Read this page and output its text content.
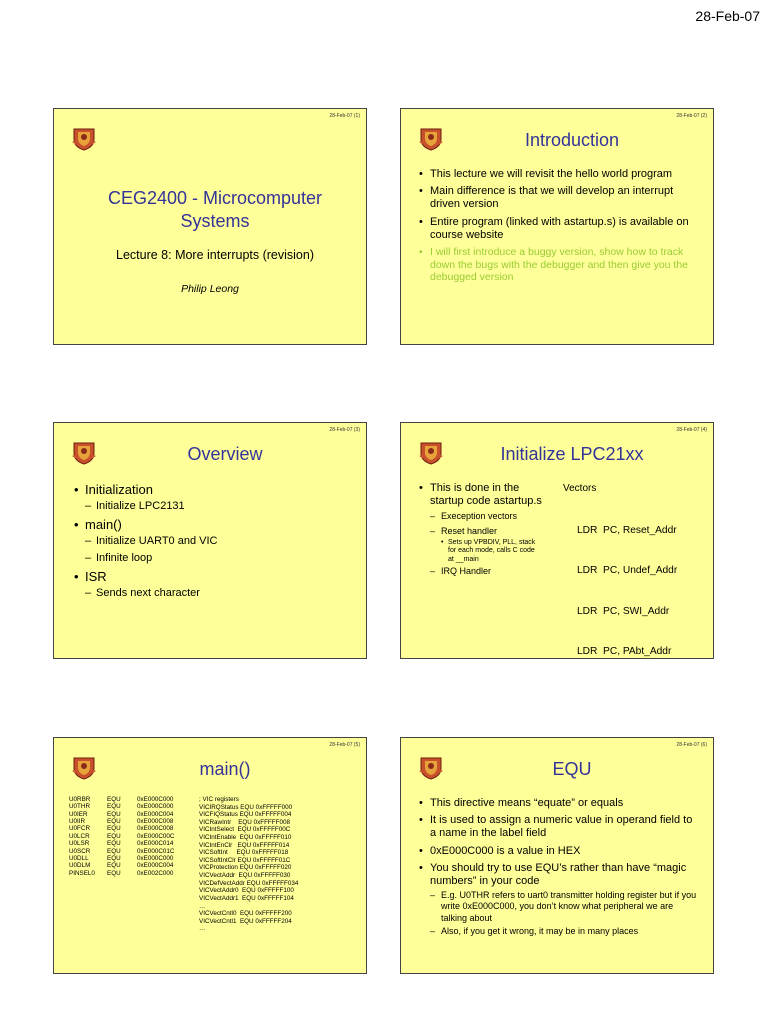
28-Feb-07
28-Feb-07 (1)
CEG2400 - Microcomputer Systems
Lecture 8: More interrupts (revision)
Philip Leong
28-Feb-07 (2)
Introduction
• This lecture we will revisit the hello world program
• Main difference is that we will develop an interrupt driven version
• Entire program (linked with astartup.s) is available on course website
• I will first introduce a buggy version, show how to track down the bugs with the debugger and then give you the debugged version
28-Feb-07 (3)
Overview
• Initialization
– Initialize LPC2131
• main()
– Initialize UART0 and VIC
– Infinite loop
• ISR
– Sends next character
28-Feb-07 (4)
Initialize LPC21xx
• This is done in the startup code astartup.s
– Exeception vectors
– Reset handler
• Sets up VPBDIV, PLL, stack for each mode, calls C code at __main
– IRQ Handler
Vectors

LDR  PC, Reset_Addr

LDR  PC, Undef_Addr

LDR  PC, SWI_Addr

LDR  PC, PAbt_Addr

28-Feb-07 (5)
main()
U0RBR	EQU	0xE000C000
U0THR	EQU	0xE000C000
U0IER	EQU	0xE000C004
U0IIR	EQU	0xE000C008
U0FCR	EQU	0xE000C008
U0LCR	EQU	0xE000C00C
U0LSR	EQU	0xE000C014
U0SCR	EQU	0xE000C01C
U0DLL	EQU	0xE000C000
U0DLM	EQU	0xE000C004
PINSEL0	EQU	0xE002C000
; VIC registers
VICIRQStatus EQU 0xFFFFF000
VICFIQStatus EQU 0xFFFFF004
VICRawIntr    EQU 0xFFFFF008
VICIntSelect  EQU 0xFFFFF00C
VICIntEnable  EQU 0xFFFFF010
VICIntEnClr   EQU 0xFFFFF014
VICSoftInt     EQU 0xFFFFF018
VICSoftIntClr EQU 0xFFFFF01C
VICProtection EQU 0xFFFFF020
VICVectAddr  EQU 0xFFFFF030
VICDefVectAddr EQU 0xFFFFF034
VICVectAddr0  EQU 0xFFFFF100
VICVectAddr1  EQU 0xFFFFF104
…
VICVectCntl0  EQU 0xFFFFF200
VICVectCntl1  EQU 0xFFFFF204
…
28-Feb-07 (6)
EQU
• This directive means “equate” or equals
• It is used to assign a numeric value in operand field to a name in the label field
• 0xE000C000 is a value in HEX
• You should try to use EQU’s rather than have “magic numbers” in your code
– E.g. U0THR refers to uart0 transmitter holding register but if you write 0xE000C000, you don’t know what peripheral we are talking about
– Also, if you get it wrong, it may be in many places
